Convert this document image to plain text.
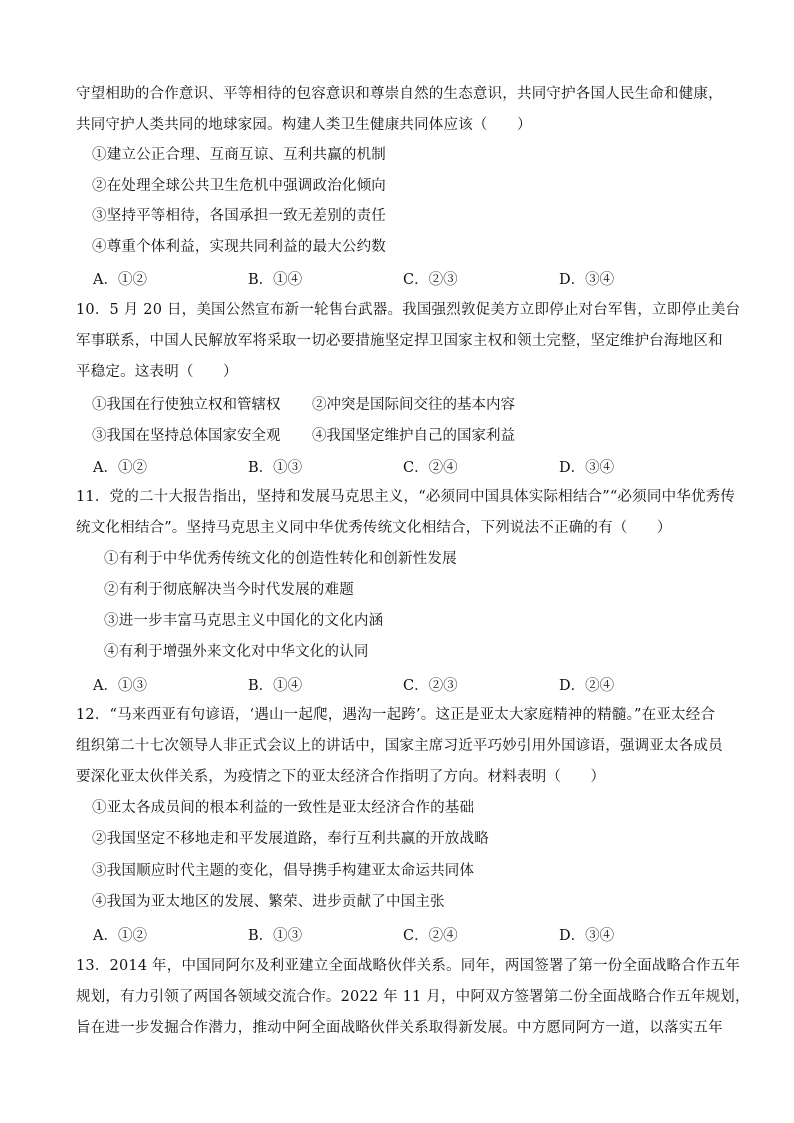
守望相助的合作意识、平等相待的包容意识和尊崇自然的生态意识，共同守护各国人民生命和健康，
共同守护人类共同的地球家园。构建人类卫生健康共同体应该（　　）
①建立公正合理、互商互谅、互利共赢的机制
②在处理全球公共卫生危机中强调政治化倾向
③坚持平等相待，各国承担一致无差别的责任
④尊重个体利益，实现共同利益的最大公约数
A．①②	B．①④	C．②③	D．③④
10．5 月 20 日，美国公然宣布新一轮售台武器。我国强烈敦促美方立即停止对台军售，立即停止美台
军事联系，中国人民解放军将采取一切必要措施坚定捍卫国家主权和领土完整，坚定维护台海地区和
平稳定。这表明（　　）
①我国在行使独立权和管辖权 ②冲突是国际间交往的基本内容
③我国在坚持总体国家安全观 ④我国坚定维护自己的国家利益
A．①②	B．①③	C．②④	D．③④
11．党的二十大报告指出，坚持和发展马克思主义，“必须同中国具体实际相结合”“必须同中华优秀传
统文化相结合”。坚持马克思主义同中华优秀传统文化相结合，下列说法不正确的有（　　）
①有利于中华优秀传统文化的创造性转化和创新性发展
②有利于彻底解决当今时代发展的难题
③进一步丰富马克思主义中国化的文化内涵
④有利于增强外来文化对中华文化的认同
A．①③	B．①④	C．②③	D．②④
12．“马来西亚有句谚语，‘遇山一起爬，遇沟一起跨’。这正是亚太大家庭精神的精髓。”在亚太经合
组织第二十七次领导人非正式会议上的讲话中，国家主席习近平巧妙引用外国谚语，强调亚太各成员
要深化亚太伙伴关系，为疫情之下的亚太经济合作指明了方向。材料表明（　　）
①亚太各成员间的根本利益的一致性是亚太经济合作的基础
②我国坚定不移地走和平发展道路，奉行互利共赢的开放战略
③我国顺应时代主题的变化，倡导携手构建亚太命运共同体
④我国为亚太地区的发展、繁荣、进步贡献了中国主张
A．①②	B．①③	C．②④	D．③④
13．2014 年，中国同阿尔及利亚建立全面战略伙伴关系。同年，两国签署了第一份全面战略合作五年
规划，有力引领了两国各领域交流合作。2022 年 11 月，中阿双方签署第二份全面战略合作五年规划，
旨在进一步发掘合作潜力，推动中阿全面战略伙伴关系取得新发展。中方愿同阿方一道，以落实五年
